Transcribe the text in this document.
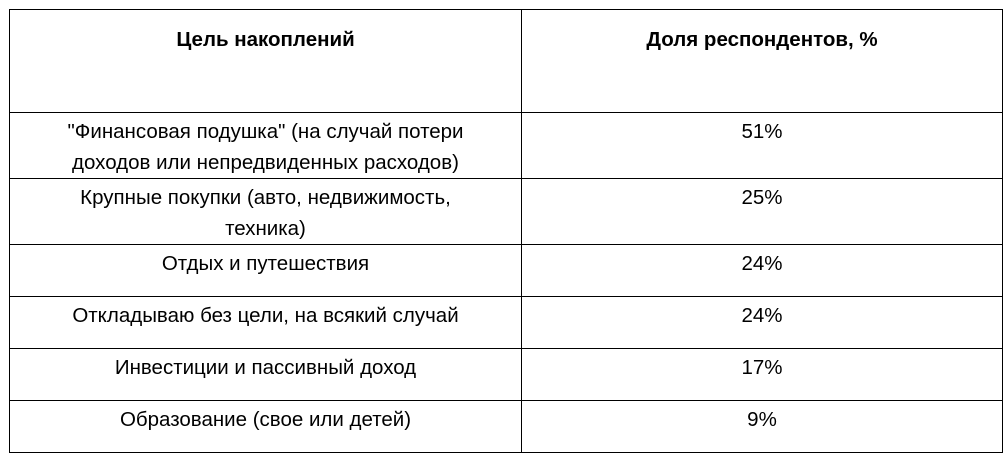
Цель накоплений	Доля респондентов, %
"Финансовая подушка" (на случай потери доходов или непредвиденных расходов)	51%
Крупные покупки (авто, недвижимость, техника)	25%
Отдых и путешествия	24%
Откладываю без цели, на всякий случай	24%
Инвестиции и пассивный доход	17%
Образование (свое или детей)	9%
